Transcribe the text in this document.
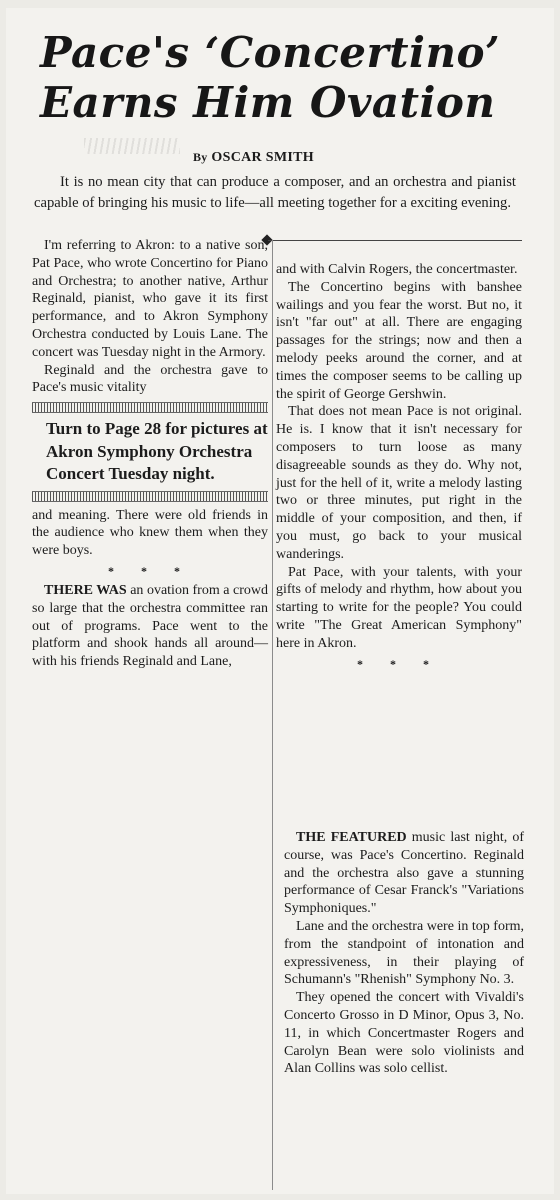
Pace's ‘Concertino’
Earns Him Ovation
By OSCAR SMITH

It is no mean city that can produce a composer, and an orchestra and pianist capable of bringing his music to life—all meeting together for a exciting evening.

I'm referring to Akron: to a native son, Pat Pace, who wrote Concertino for Piano and Orchestra; to another native, Arthur Reginald, pianist, who gave it its first performance, and to Akron Symphony Orchestra conducted by Louis Lane. The concert was Tuesday night in the Armory.

Reginald and the orchestra gave to Pace's music vitality

Turn to Page 28 for pictures at Akron Symphony Orchestra Concert Tuesday night.

and meaning. There were old friends in the audience who knew them when they were boys.

* * *

THERE WAS an ovation from a crowd so large that the orchestra committee ran out of programs. Pace went to the platform and shook hands all around—with his friends Reginald and Lane,

and with Calvin Rogers, the concertmaster.

The Concertino begins with banshee wailings and you fear the worst. But no, it isn't "far out" at all. There are engaging passages for the strings; now and then a melody peeks around the corner, and at times the composer seems to be calling up the spirit of George Gershwin.

That does not mean Pace is not original. He is. I know that it isn't necessary for composers to turn loose as many disagreeable sounds as they do. Why not, just for the hell of it, write a melody lasting two or three minutes, put right in the middle of your composition, and then, if you must, go back to your musical wanderings.

Pat Pace, with your talents, with your gifts of melody and rhythm, how about you starting to write for the people? You could write "The Great American Symphony" here in Akron.

* * *

THE FEATURED music last night, of course, was Pace's Concertino. Reginald and the orchestra also gave a stunning performance of Cesar Franck's "Variations Symphoniques."

Lane and the orchestra were in top form, from the standpoint of intonation and expressiveness, in their playing of Schumann's "Rhenish" Symphony No. 3.

They opened the concert with Vivaldi's Concerto Grosso in D Minor, Opus 3, No. 11, in which Concertmaster Rogers and Carolyn Bean were solo violinists and Alan Collins was solo cellist.
